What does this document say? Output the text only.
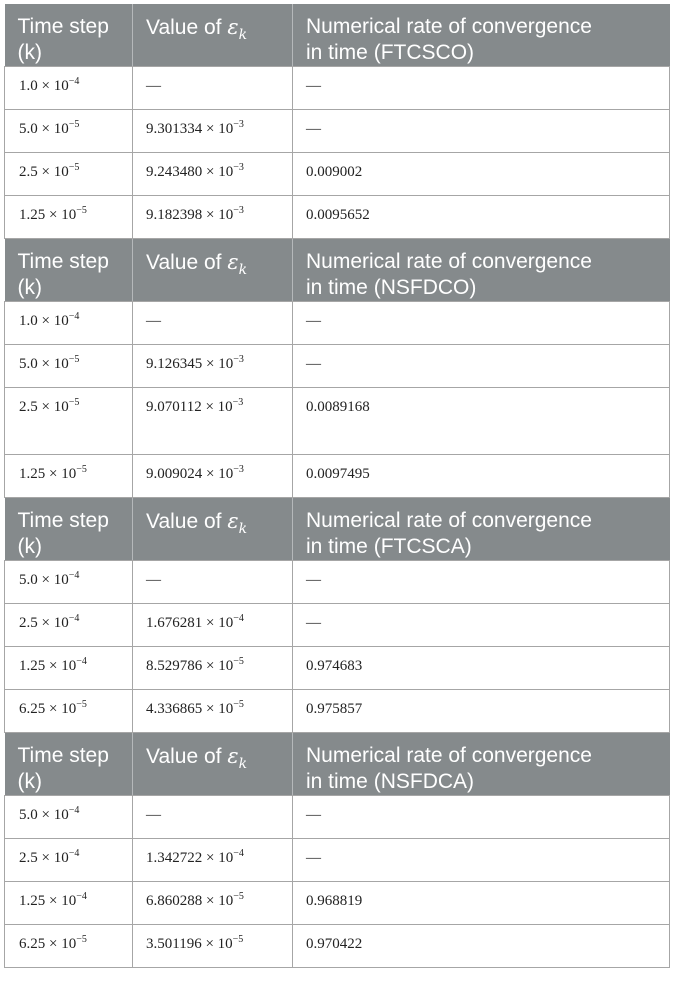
Time step (k)	Value of $\varepsilon_k$	Numerical rate of convergence
in time (FTCSCO)
$1.0 \times 10^{-4}$	—	—
$5.0 \times 10^{-5}$	$9.301334 \times 10^{-3}$	—
$2.5 \times 10^{-5}$	$9.243480 \times 10^{-3}$	0.009002
$1.25 \times 10^{-5}$	$9.182398 \times 10^{-3}$	0.0095652
Time step (k)	Value of $\varepsilon_k$	Numerical rate of convergence
in time (NSFDCO)
$1.0 \times 10^{-4}$	—	—
$5.0 \times 10^{-5}$	$9.126345 \times 10^{-3}$	—
$2.5 \times 10^{-5}$	$9.070112 \times 10^{-3}$	0.0089168
$1.25 \times 10^{-5}$	$9.009024 \times 10^{-3}$	0.0097495
Time step (k)	Value of $\varepsilon_k$	Numerical rate of convergence
in time (FTCSCA)
$5.0 \times 10^{-4}$	—	—
$2.5 \times 10^{-4}$	$1.676281 \times 10^{-4}$	—
$1.25 \times 10^{-4}$	$8.529786 \times 10^{-5}$	0.974683
$6.25 \times 10^{-5}$	$4.336865 \times 10^{-5}$	0.975857
Time step (k)	Value of $\varepsilon_k$	Numerical rate of convergence
in time (NSFDCA)
$5.0 \times 10^{-4}$	—	—
$2.5 \times 10^{-4}$	$1.342722 \times 10^{-4}$	—
$1.25 \times 10^{-4}$	$6.860288 \times 10^{-5}$	0.968819
$6.25 \times 10^{-5}$	$3.501196 \times 10^{-5}$	0.970422
